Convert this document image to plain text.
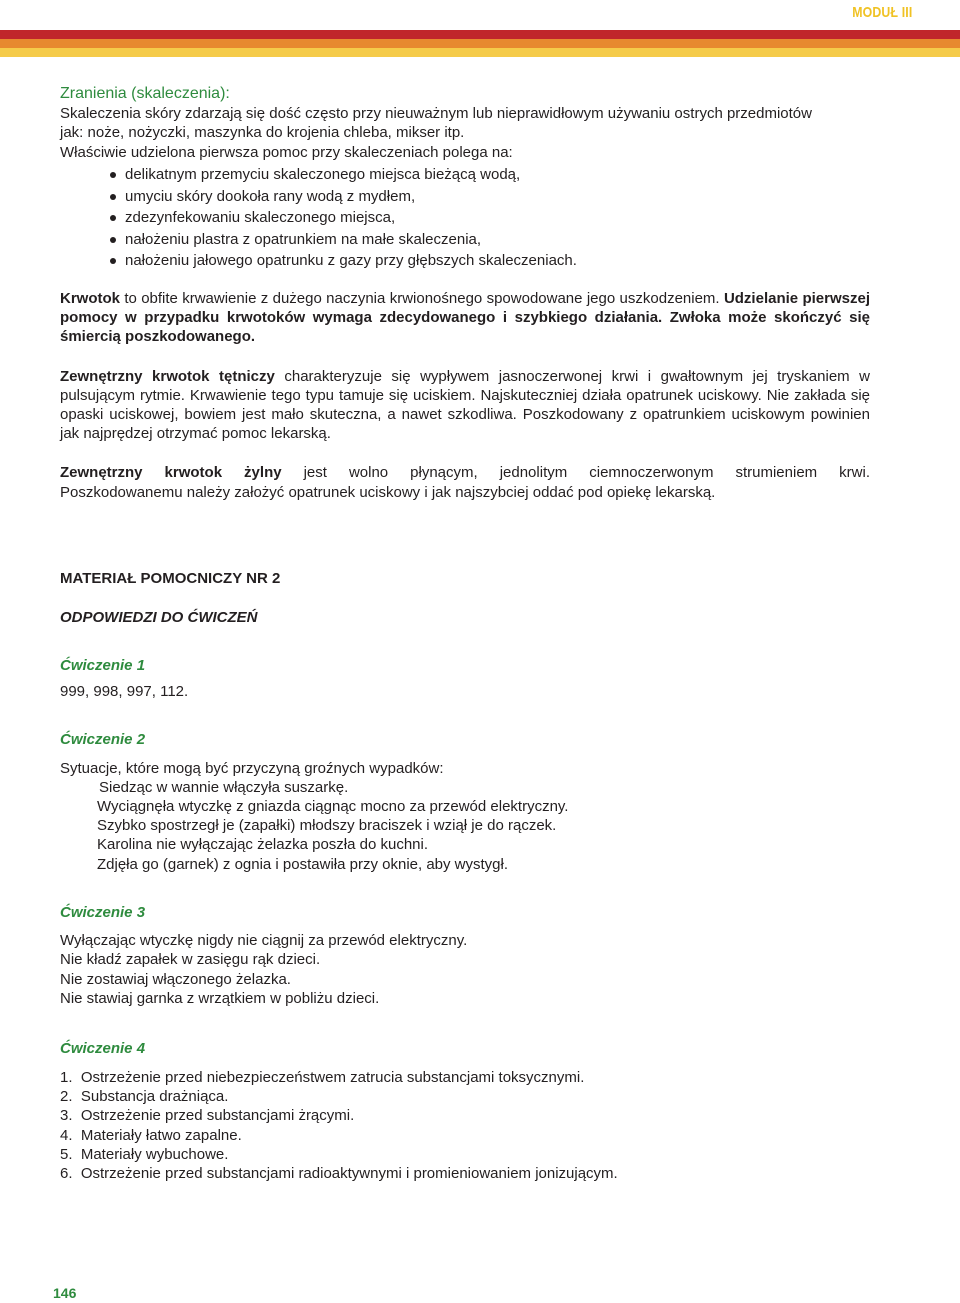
MODUŁ III
Zranienia (skaleczenia):
Skaleczenia skóry zdarzają się dość często przy nieuważnym lub nieprawidłowym używaniu ostrych przedmiotów
jak: noże, nożyczki, maszynka do krojenia chleba, mikser itp.
Właściwie udzielona pierwsza pomoc przy skaleczeniach polega na:
delikatnym przemyciu skaleczonego miejsca bieżącą wodą,
umyciu skóry dookoła rany wodą z mydłem,
zdezynfekowaniu skaleczonego miejsca,
nałożeniu plastra z opatrunkiem na małe skaleczenia,
nałożeniu jałowego opatrunku z gazy przy głębszych skaleczeniach.
Krwotok to obfite krwawienie z dużego naczynia krwionośnego spowodowane jego uszkodzeniem. Udzielanie pierwszej pomocy w przypadku krwotoków wymaga zdecydowanego i szybkiego działania. Zwłoka może skończyć się śmiercią poszkodowanego.
Zewnętrzny krwotok tętniczy charakteryzuje się wypływem jasnoczerwonej krwi i gwałtownym jej tryskaniem w pulsującym rytmie. Krwawienie tego typu tamuje się uciskiem. Najskuteczniej działa opatrunek uciskowy. Nie zakłada się opaski uciskowej, bowiem jest mało skuteczna, a nawet szkodliwa. Poszkodowany z opatrunkiem uciskowym powinien jak najprędzej otrzymać pomoc lekarską.
Zewnętrzny krwotok żylny jest wolno płynącym, jednolitym ciemnoczerwonym strumieniem krwi.
Poszkodowanemu należy założyć opatrunek uciskowy i jak najszybciej oddać pod opiekę lekarską.
MATERIAŁ POMOCNICZY NR 2
ODPOWIEDZI DO ĆWICZEŃ
Ćwiczenie 1
999, 998, 997, 112.
Ćwiczenie 2
Sytuacje, które mogą być przyczyną groźnych wypadków:
Siedząc w wannie włączyła suszarkę.
Wyciągnęła wtyczkę z gniazda ciągnąc mocno za przewód elektryczny.
Szybko spostrzegł je (zapałki) młodszy braciszek i wziął je do rączek.
Karolina nie wyłączając żelazka poszła do kuchni.
Zdjęła go (garnek) z ognia i postawiła przy oknie, aby wystygł.
Ćwiczenie 3
Wyłączając wtyczkę nigdy nie ciągnij za przewód elektryczny.
Nie kładź zapałek w zasięgu rąk dzieci.
Nie zostawiaj włączonego żelazka.
Nie stawiaj garnka z wrzątkiem w pobliżu dzieci.
Ćwiczenie 4
1.  Ostrzeżenie przed niebezpieczeństwem zatrucia substancjami toksycznymi.
2.  Substancja drażniąca.
3.  Ostrzeżenie przed substancjami żrącymi.
4.  Materiały łatwo zapalne.
5.  Materiały wybuchowe.
6.  Ostrzeżenie przed substancjami radioaktywnymi i promieniowaniem jonizującym.
146
